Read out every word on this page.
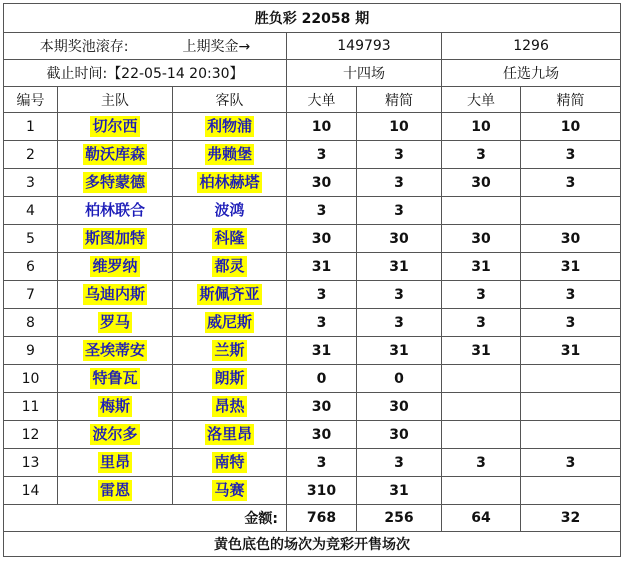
胜负彩 22058 期						
本期奖池滚存: 上期奖金→			149793		1296	
截止时间:【22-05-14 20:30】			十四场		任选九场	
编号	主队	客队	大单	精简	大单	精简
1	切尔西	利物浦	10	10	10	10
2	勒沃库森	弗赖堡	3	3	3	3
3	多特蒙德	柏林赫塔	30	3	30	3
4	柏林联合	波鸿	3	3		
5	斯图加特	科隆	30	30	30	30
6	维罗纳	都灵	31	31	31	31
7	乌迪内斯	斯佩齐亚	3	3	3	3
8	罗马	威尼斯	3	3	3	3
9	圣埃蒂安	兰斯	31	31	31	31
10	特鲁瓦	朗斯	0	0		
11	梅斯	昂热	30	30		
12	波尔多	洛里昂	30	30		
13	里昂	南特	3	3	3	3
14	雷恩	马赛	310	31		
金额:			768	256	64	32
黄色底色的场次为竞彩开售场次						
